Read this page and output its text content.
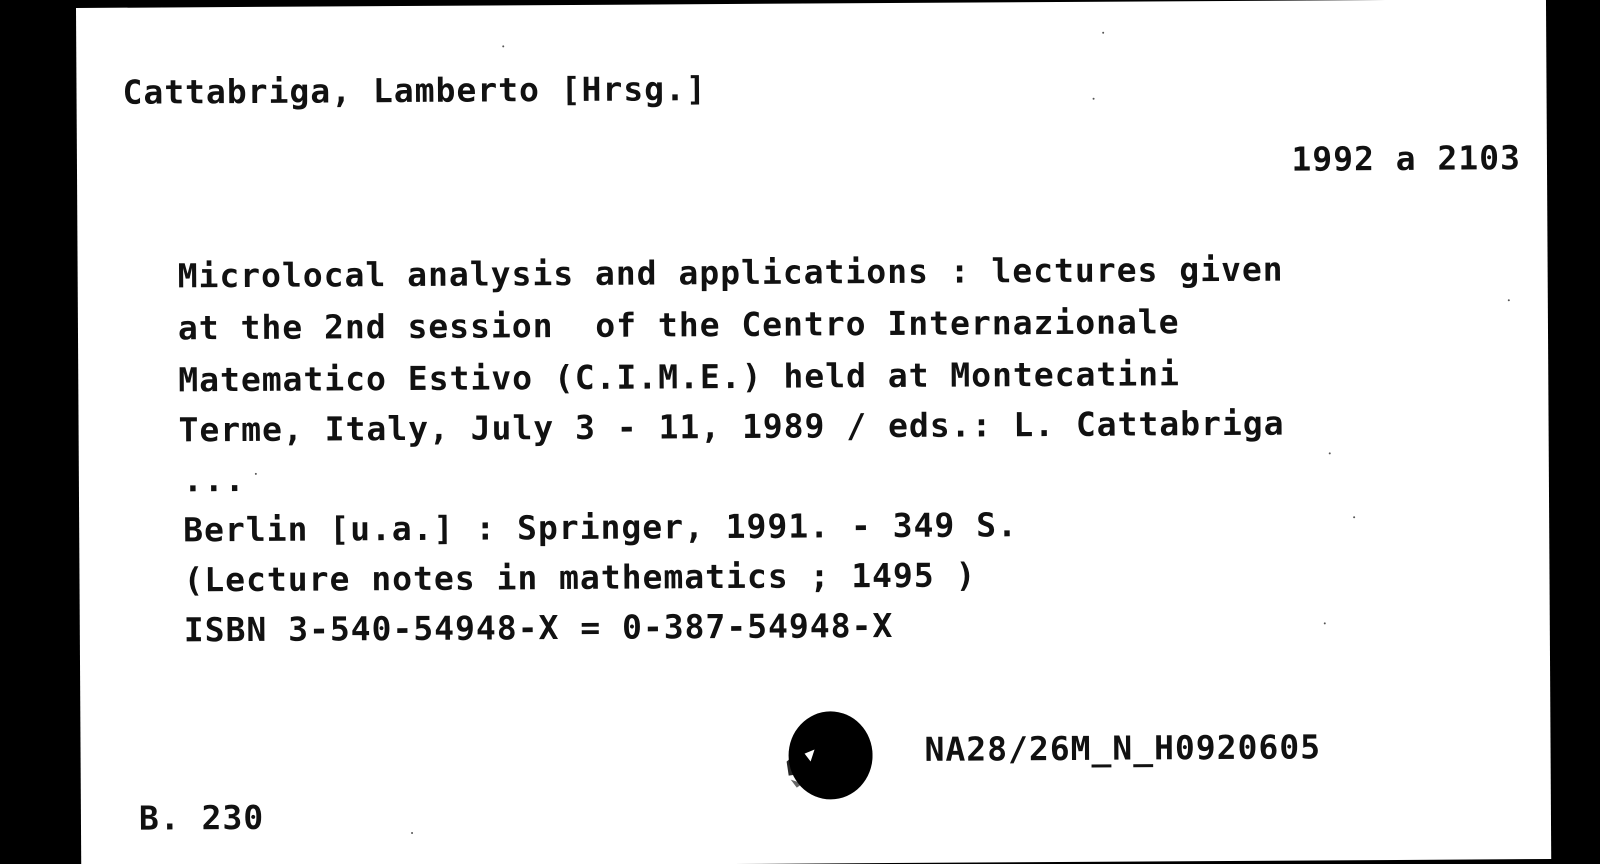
Cattabriga, Lamberto [Hrsg.]
1992 a 2103
Microlocal analysis and applications : lectures given
at the 2nd session  of the Centro Internazionale
Matematico Estivo (C.I.M.E.) held at Montecatini
Terme, Italy, July 3 - 11, 1989 / eds.: L. Cattabriga
...
Berlin [u.a.] : Springer, 1991. - 349 S.
(Lecture notes in mathematics ; 1495 )
ISBN 3-540-54948-X = 0-387-54948-X
NA28/26M_N_H0920605
B. 230
